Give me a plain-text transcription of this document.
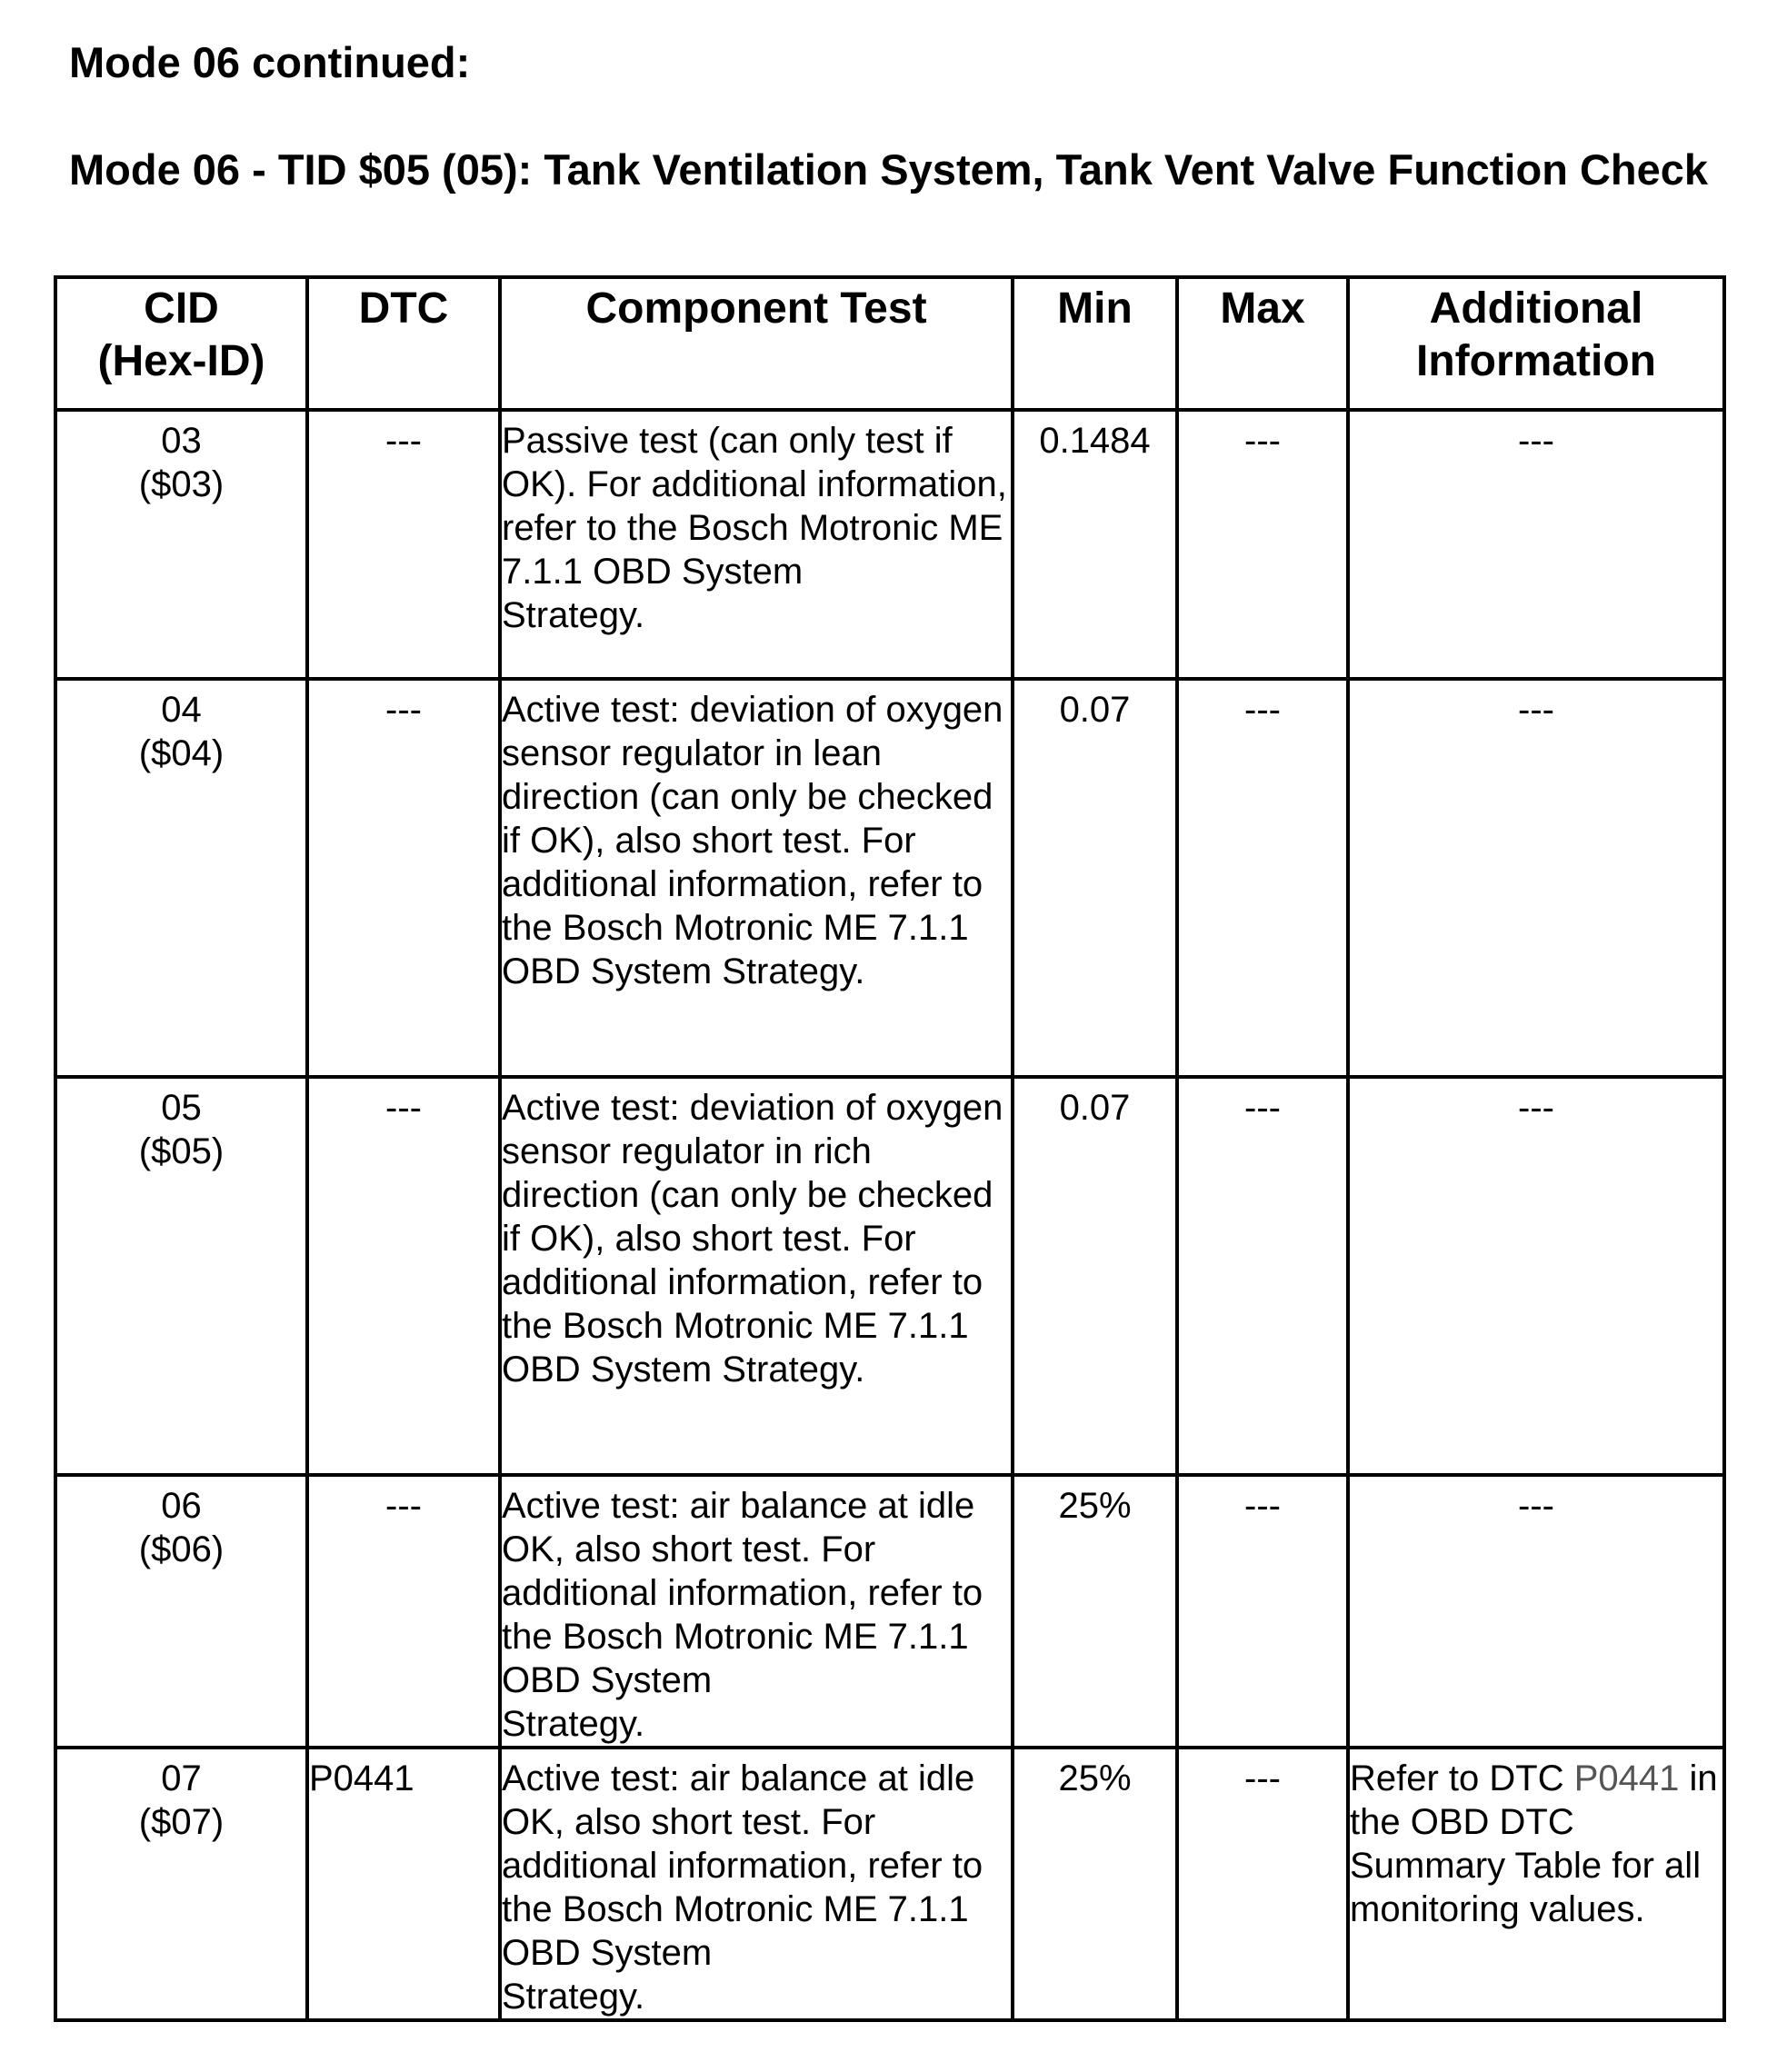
Mode 06 continued:
Mode 06 - TID $05 (05): Tank Ventilation System, Tank Vent Valve Function Check
CID
(Hex-ID)	DTC	Component Test	Min	Max	Additional
Information
03
($03)	---	Passive test (can only test if OK). For additional information, refer to the Bosch Motronic ME 7.1.1 OBD System
Strategy.	0.1484	---	---
04
($04)	---	Active test: deviation of oxygen sensor regulator in lean direction (can only be checked if OK), also short test. For additional information, refer to the Bosch Motronic ME 7.1.1 OBD System Strategy.	0.07	---	---
05
($05)	---	Active test: deviation of oxygen sensor regulator in rich direction (can only be checked if OK), also short test. For additional information, refer to the Bosch Motronic ME 7.1.1 OBD System Strategy.	0.07	---	---
06
($06)	---	Active test: air balance at idle OK, also short test. For additional information, refer to the Bosch Motronic ME 7.1.1 OBD System
Strategy.	25%	---	---
07
($07)	P0441	Active test: air balance at idle OK, also short test. For additional information, refer to the Bosch Motronic ME 7.1.1 OBD System
Strategy.	25%	---	Refer to DTC P0441 in the OBD DTC Summary Table for all monitoring values.
